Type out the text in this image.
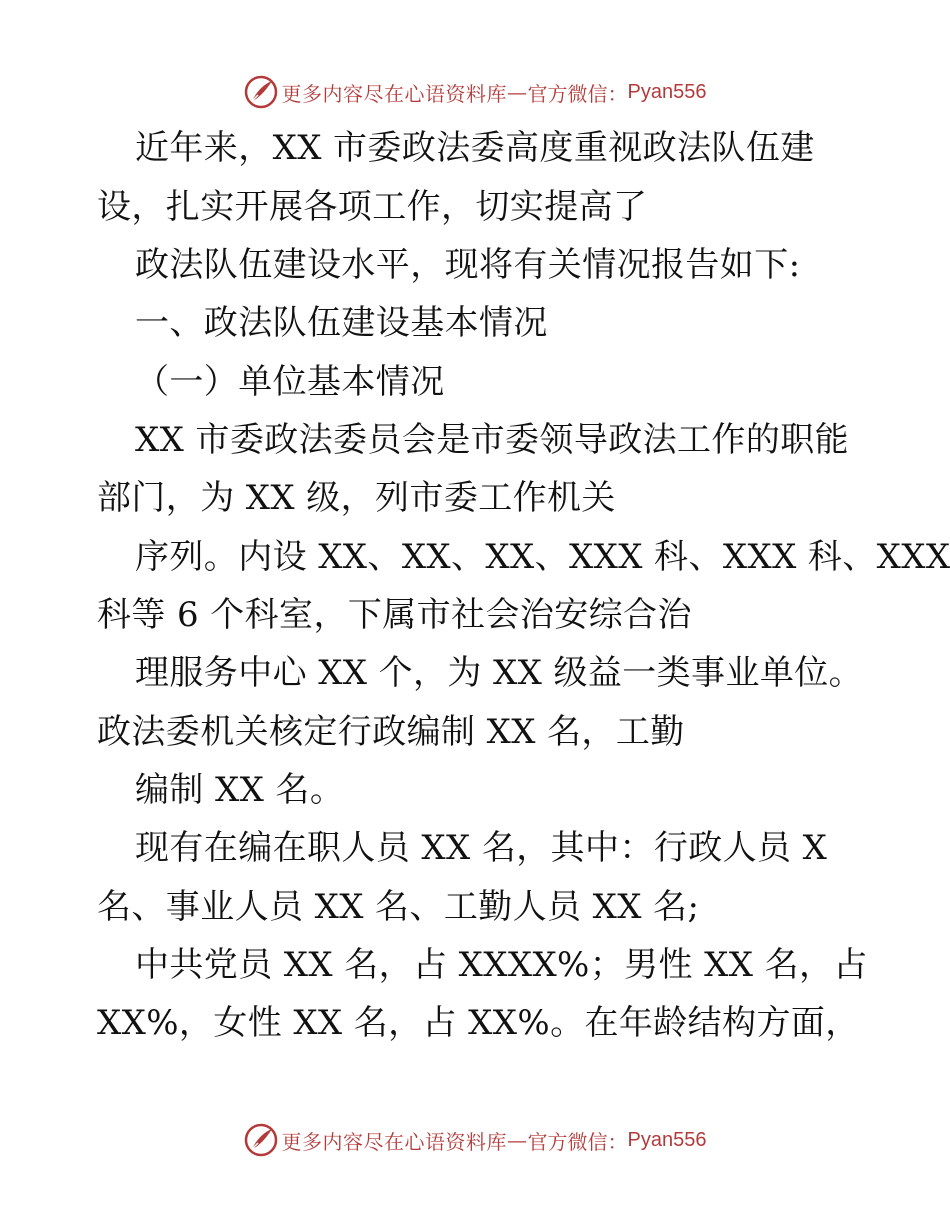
更多内容尽在心语资料库 — 官方微信： Pyan556
近年来，XX 市委政法委高度重视政法队伍建
设，扎实开展各项工作，切实提高了
政法队伍建设水平，现将有关情况报告如下:
一、政法队伍建设基本情况
（一）单位基本情况
XX 市委政法委员会是市委领导政法工作的职能
部门，为 XX 级，列市委工作机关
序列。内设 XX、XX、XX、XXX 科、XXX 科、XXX
科等 6 个科室，下属市社会治安综合治
理服务中心 XX 个，为 XX 级益一类事业单位。
政法委机关核定行政编制 XX 名，工勤
编制 XX 名。
现有在编在职人员 XX 名，其中：行政人员 X
名、事业人员 XX 名、工勤人员 XX 名;
中共党员 XX 名，占 XXXX%；男性 XX 名，占
XX%，女性 XX 名，占 XX%。在年龄结构方面，
更多内容尽在心语资料库 — 官方微信： Pyan556
